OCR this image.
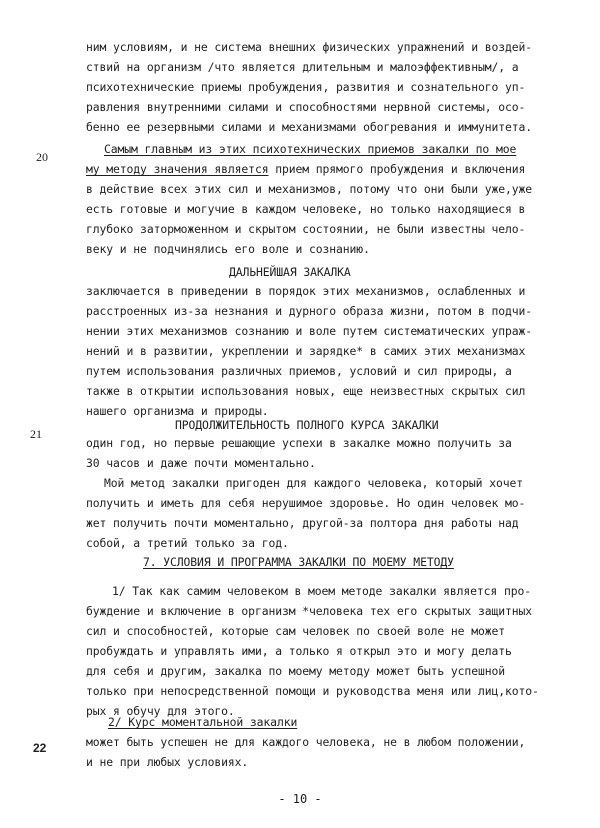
ним условиям, и не система внешних физических упражнений и воздей-
ствий на организм /что является длительным и малоэффективным/, а
психотехнические приемы пробуждения, развития и сознательного уп-
равления внутренними силами и способностями нервной системы, осо-
бенно ее резервными силами и механизмами обогревания и иммунитета.
20
Самым главным из этих психотехнических приемов закалки по мое
му методу значения является прием прямого пробуждения и включения
в действие всех этих сил и механизмов, потому что они были уже,уже
есть готовые и могучие в каждом человеке, но только находящиеся в
глубоко заторможенном и скрытом состоянии, не были известны чело-
веку и не подчинялись его воле и сознанию.
ДАЛЬНЕЙШАЯ ЗАКАЛКА
заключается в приведении в порядок этих механизмов, ослабленных и
расстроенных из-за незнания и дурного образа жизни, потом в подчи-
нении этих механизмов сознанию и воле путем систематических упраж-
нений и в развитии, укреплении и зарядке* в самих этих механизмах
путем использования различных приемов, условий и сил природы, а
также в открытии использования новых, еще неизвестных скрытых сил
нашего организма и природы.
21
ПРОДОЛЖИТЕЛЬНОСТЬ ПОЛНОГО КУРСА ЗАКАЛКИ
один год, но первые решающие успехи в закалке можно получить за
30 часов и даже почти моментально.
Мой метод закалки пригоден для каждого человека, который хочет
получить и иметь для себя нерушимое здоровье. Но один человек мо-
жет получить почти моментально, другой-за полтора дня работы над
собой, а третий только за год.
7. УСЛОВИЯ И ПРОГРАММА ЗАКАЛКИ ПО МОЕМУ МЕТОДУ
1/ Так как самим человеком в моем методе закалки является про-
буждение и включение в организм *человека тех его скрытых защитных
сил и способностей, которые сам человек по своей воле не может
пробуждать и управлять ими, а только я открыл это и могу делать
для себя и другим, закалка по моему методу может быть успешной
только при непосредственной помощи и руководства меня или лиц,кото-
рых я обучу для этого.
2/ Курс моментальной закалки
22	может быть успешен не для каждого человека, не в любом положении,
и не при любых условиях.
- 10 -
